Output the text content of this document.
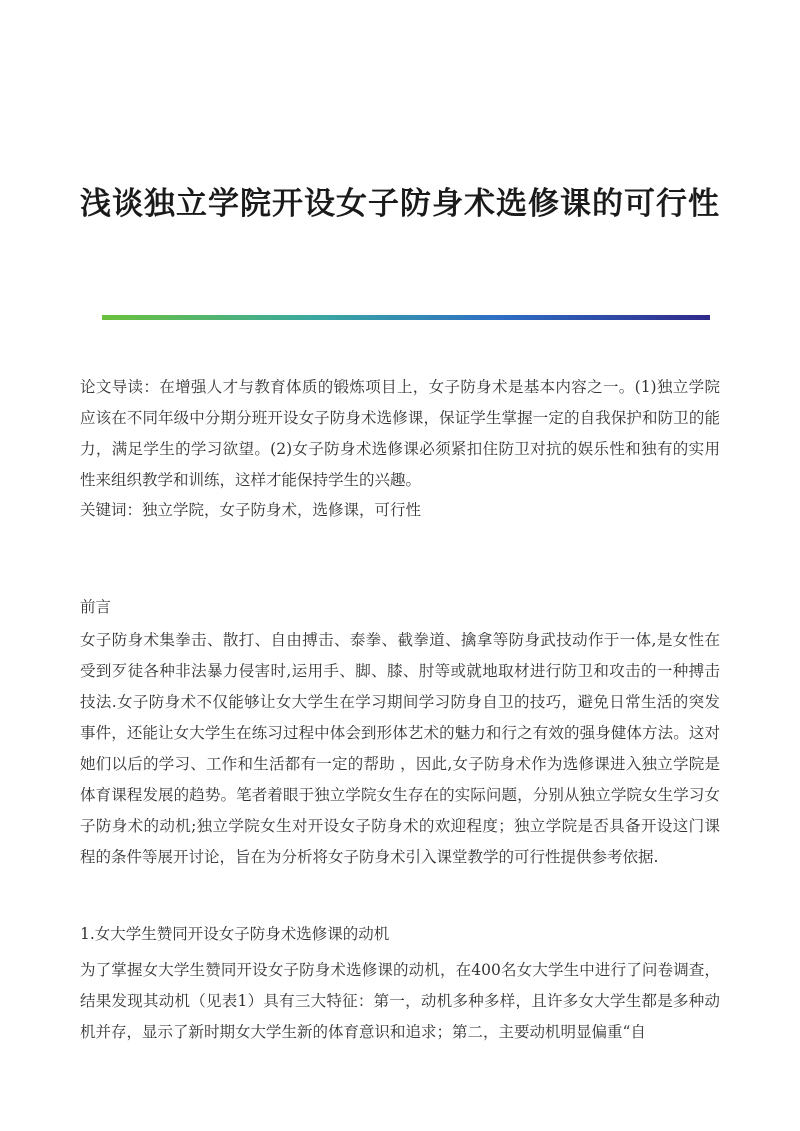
浅谈独立学院开设女子防身术选修课的可行性

论文导读：在增强人才与教育体质的锻炼项目上，女子防身术是基本内容之一。(1)独立学院应该在不同年级中分期分班开设女子防身术选修课，保证学生掌握一定的自我保护和防卫的能力，满足学生的学习欲望。(2)女子防身术选修课必须紧扣住防卫对抗的娱乐性和独有的实用性来组织教学和训练，这样才能保持学生的兴趣。

关键词：独立学院，女子防身术，选修课，可行性

前言

女子防身术集拳击、散打、自由搏击、泰拳、截拳道、擒拿等防身武技动作于一体,是女性在受到歹徒各种非法暴力侵害时,运用手、脚、膝、肘等或就地取材进行防卫和攻击的一种搏击技法.女子防身术不仅能够让女大学生在学习期间学习防身自卫的技巧，避免日常生活的突发事件，还能让女大学生在练习过程中体会到形体艺术的魅力和行之有效的强身健体方法。这对她们以后的学习、工作和生活都有一定的帮助 ，因此,女子防身术作为选修课进入独立学院是体育课程发展的趋势。笔者着眼于独立学院女生存在的实际问题，分别从独立学院女生学习女子防身术的动机;独立学院女生对开设女子防身术的欢迎程度；独立学院是否具备开设这门课程的条件等展开讨论，旨在为分析将女子防身术引入课堂教学的可行性提供参考依据.

1.女大学生赞同开设女子防身术选修课的动机

为了掌握女大学生赞同开设女子防身术选修课的动机，在400名女大学生中进行了问卷调查，结果发现其动机（见表1）具有三大特征：第一，动机多种多样，且许多女大学生都是多种动机并存，显示了新时期女大学生新的体育意识和追求；第二，主要动机明显偏重“自
